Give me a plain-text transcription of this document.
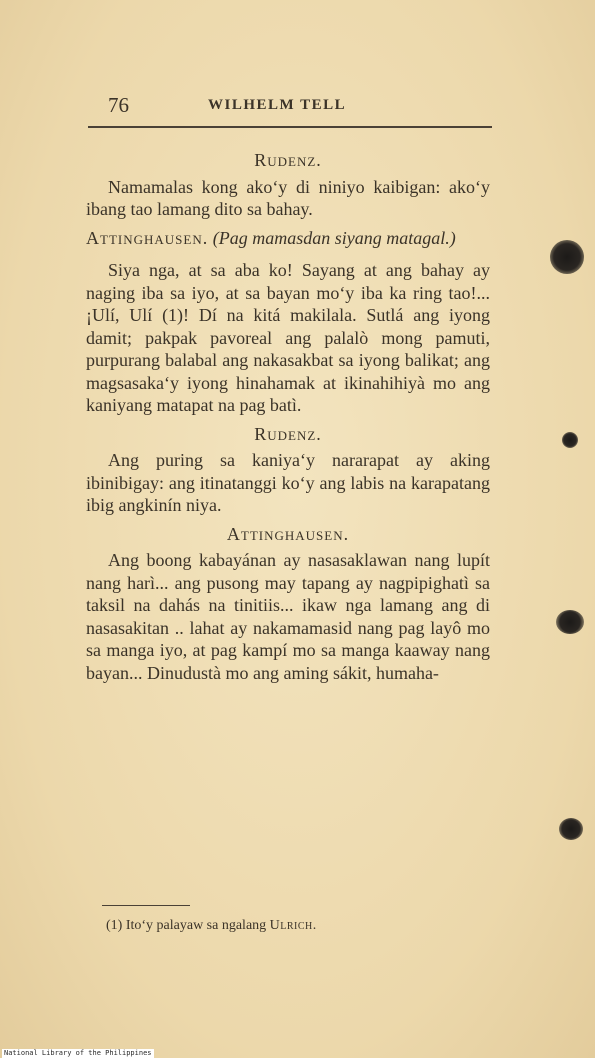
76	WILHELM TELL
Rudenz.

Namamalas kong ako‘y di niniyo kaibigan: ako‘y ibang tao lamang dito sa bahay.

Attinghausen. (Pag mamasdan siyang matagal.)

Siya nga, at sa aba ko! Sayang at ang bahay ay naging iba sa iyo, at sa bayan mo‘y iba ka ring tao!... ¡Ulí, Ulí (1)! Dí na kitá makilala. Sutlá ang iyong damit; pakpak pavoreal ang palalò mong pamuti, purpurang balabal ang nakasakbat sa iyong balikat; ang magsasaka‘y iyong hinahamak at ikinahihiyà mo ang kaniyang matapat na pag batì.

Rudenz.

Ang puring sa kaniya‘y nararapat ay aking ibinibigay: ang itinatanggi ko‘y ang labis na karapatang ibig angkinín niya.

Attinghausen.

Ang boong kabayánan ay nasasaklawan nang lupít nang harì... ang pusong may tapang ay nagpipighatì sa taksil na dahás na tinitiis... ikaw nga lamang ang di nasasakitan .. lahat ay nakamamasid nang pag layô mo sa manga iyo, at pag kampí mo sa manga kaaway nang bayan... Dinudustà mo ang aming sákit, humaha-

(1) Ito‘y palayaw sa ngalang Ulrich.
National Library of the Philippines
